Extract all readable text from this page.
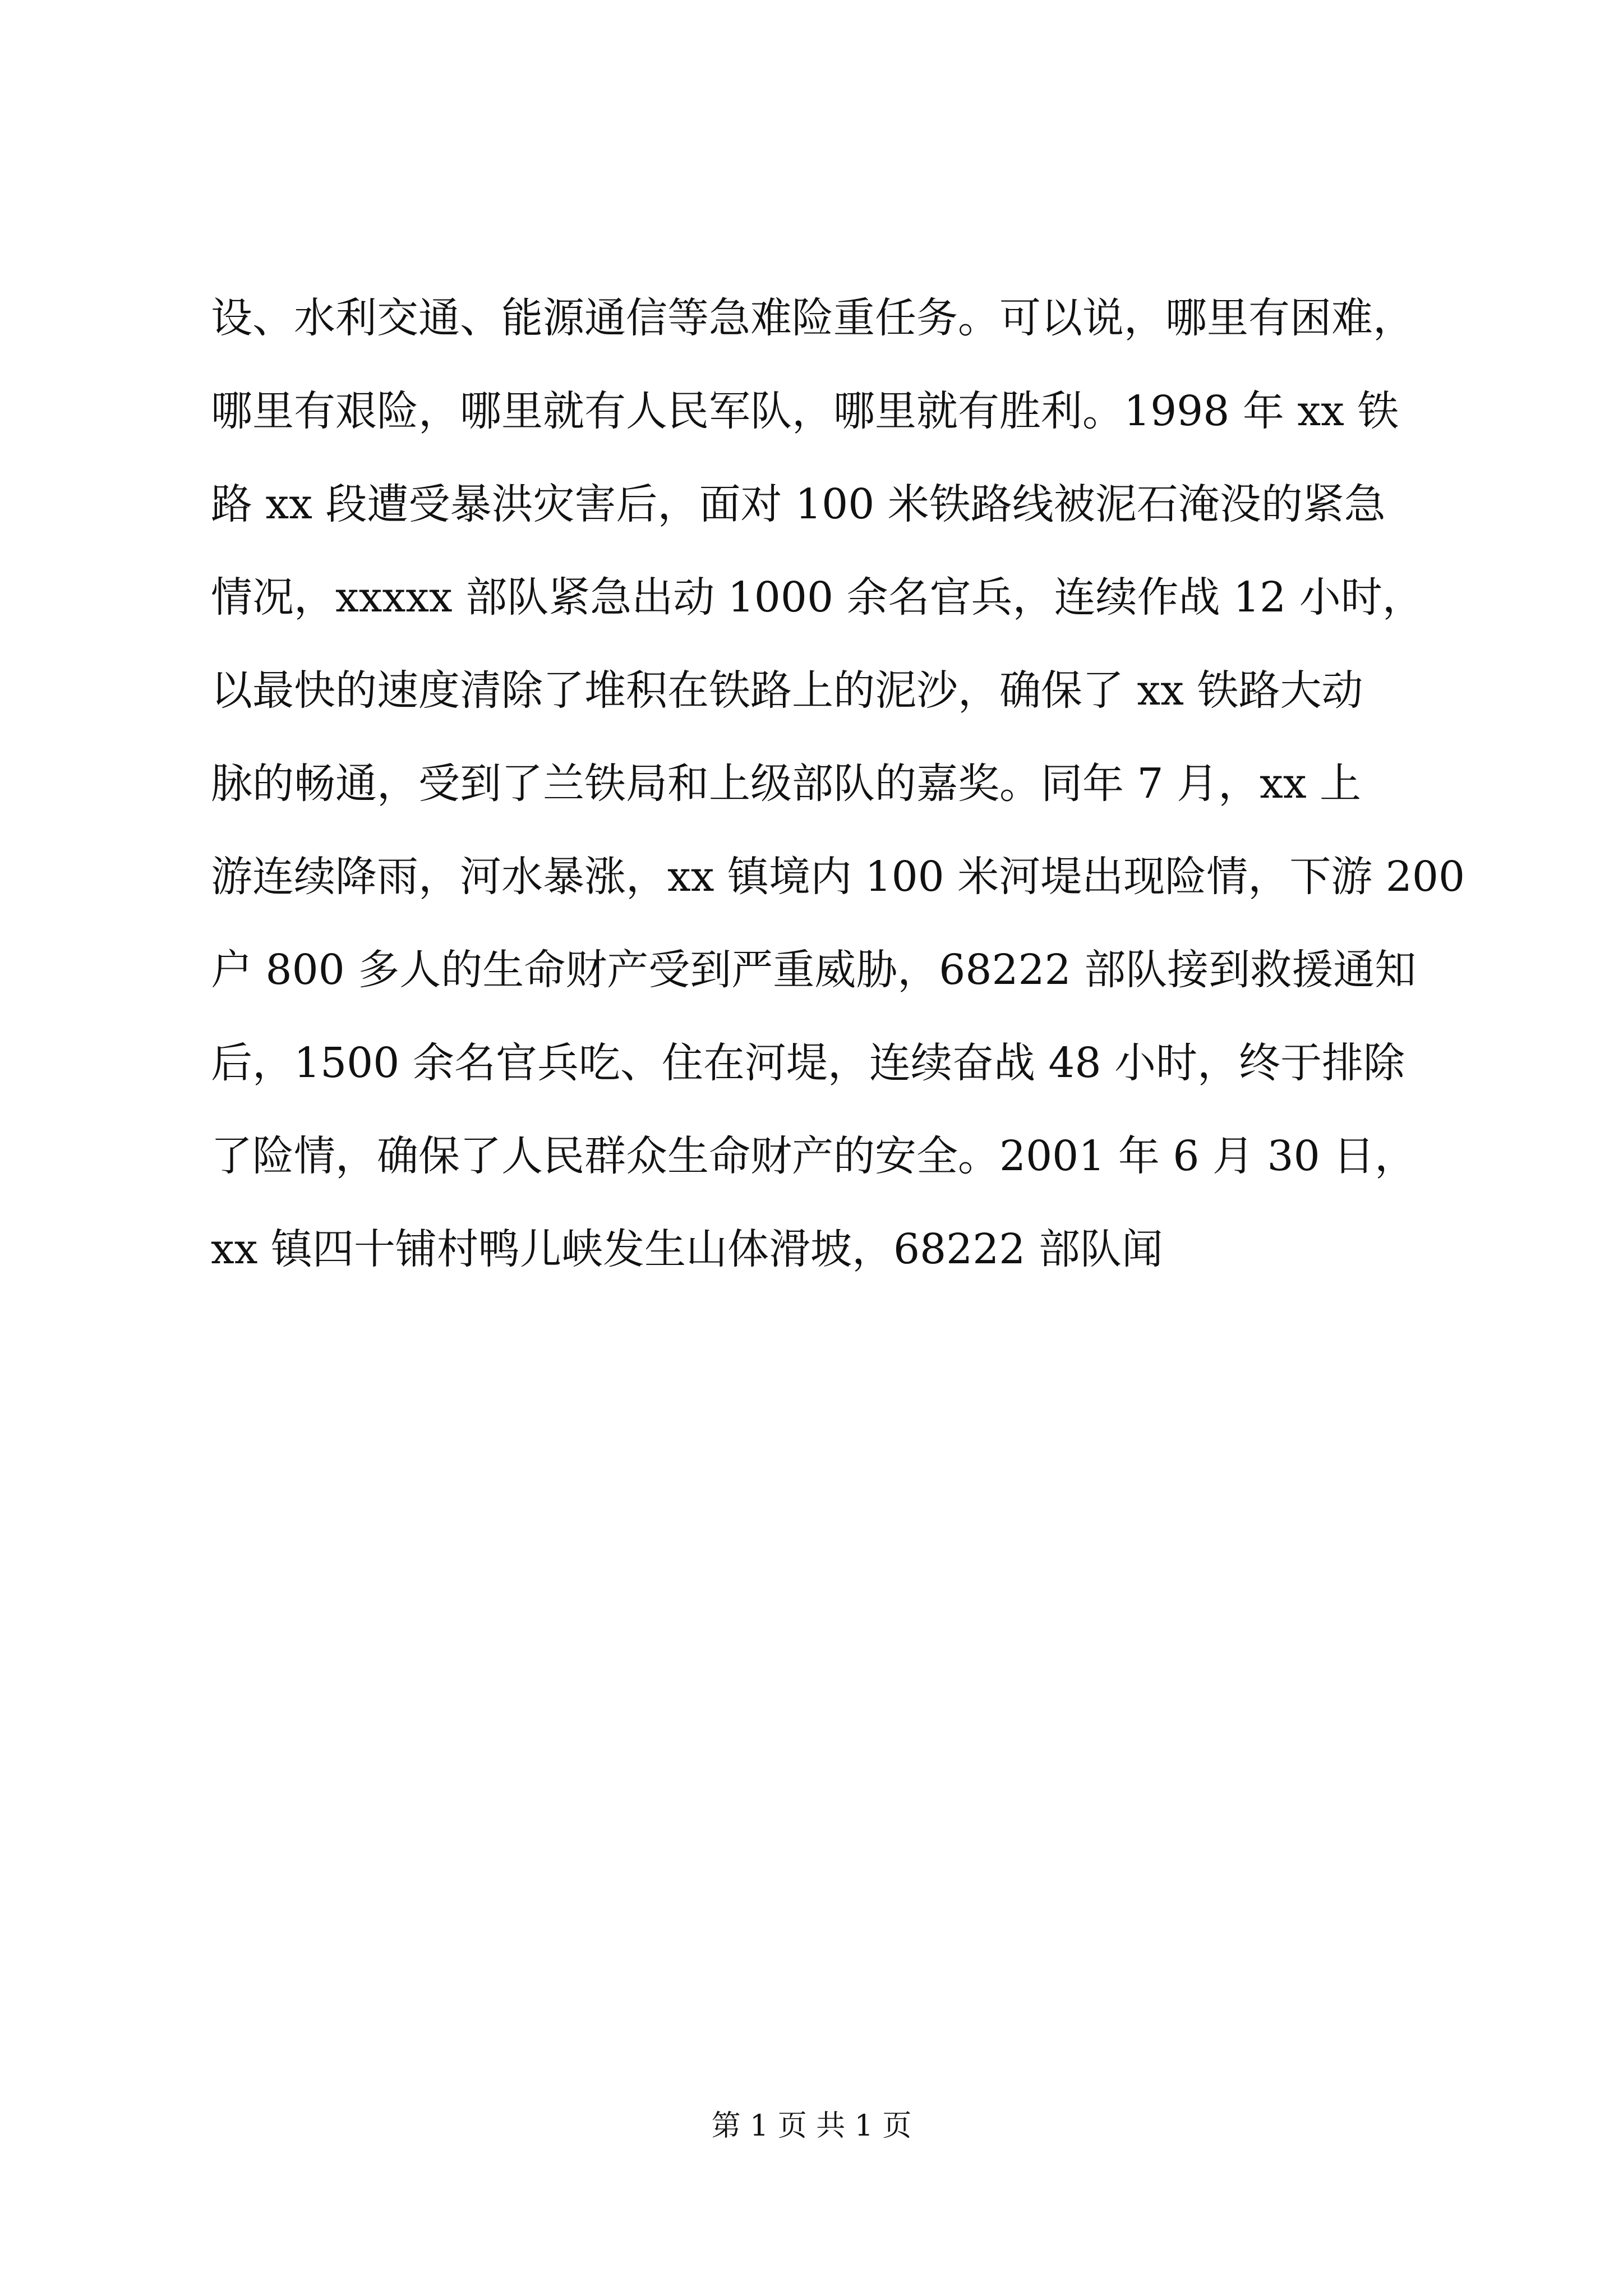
设、水利交通、能源通信等急难险重任务。可以说，哪里有困难，
哪里有艰险，哪里就有人民军队，哪里就有胜利。1998 年 xx 铁
路 xx 段遭受暴洪灾害后，面对 100 米铁路线被泥石淹没的紧急
情况，xxxxx 部队紧急出动 1000 余名官兵，连续作战 12 小时，
以最快的速度清除了堆积在铁路上的泥沙，确保了 xx 铁路大动
脉的畅通，受到了兰铁局和上级部队的嘉奖。同年 7 月，xx 上
游连续降雨，河水暴涨，xx 镇境内 100 米河堤出现险情，下游 200
户 800 多人的生命财产受到严重威胁，68222 部队接到救援通知
后，1500 余名官兵吃、住在河堤，连续奋战 48 小时，终于排除
了险情，确保了人民群众生命财产的安全。2001 年 6 月 30 日，
xx 镇四十铺村鸭儿峡发生山体滑坡，68222 部队闻
第 1 页 共 1 页
